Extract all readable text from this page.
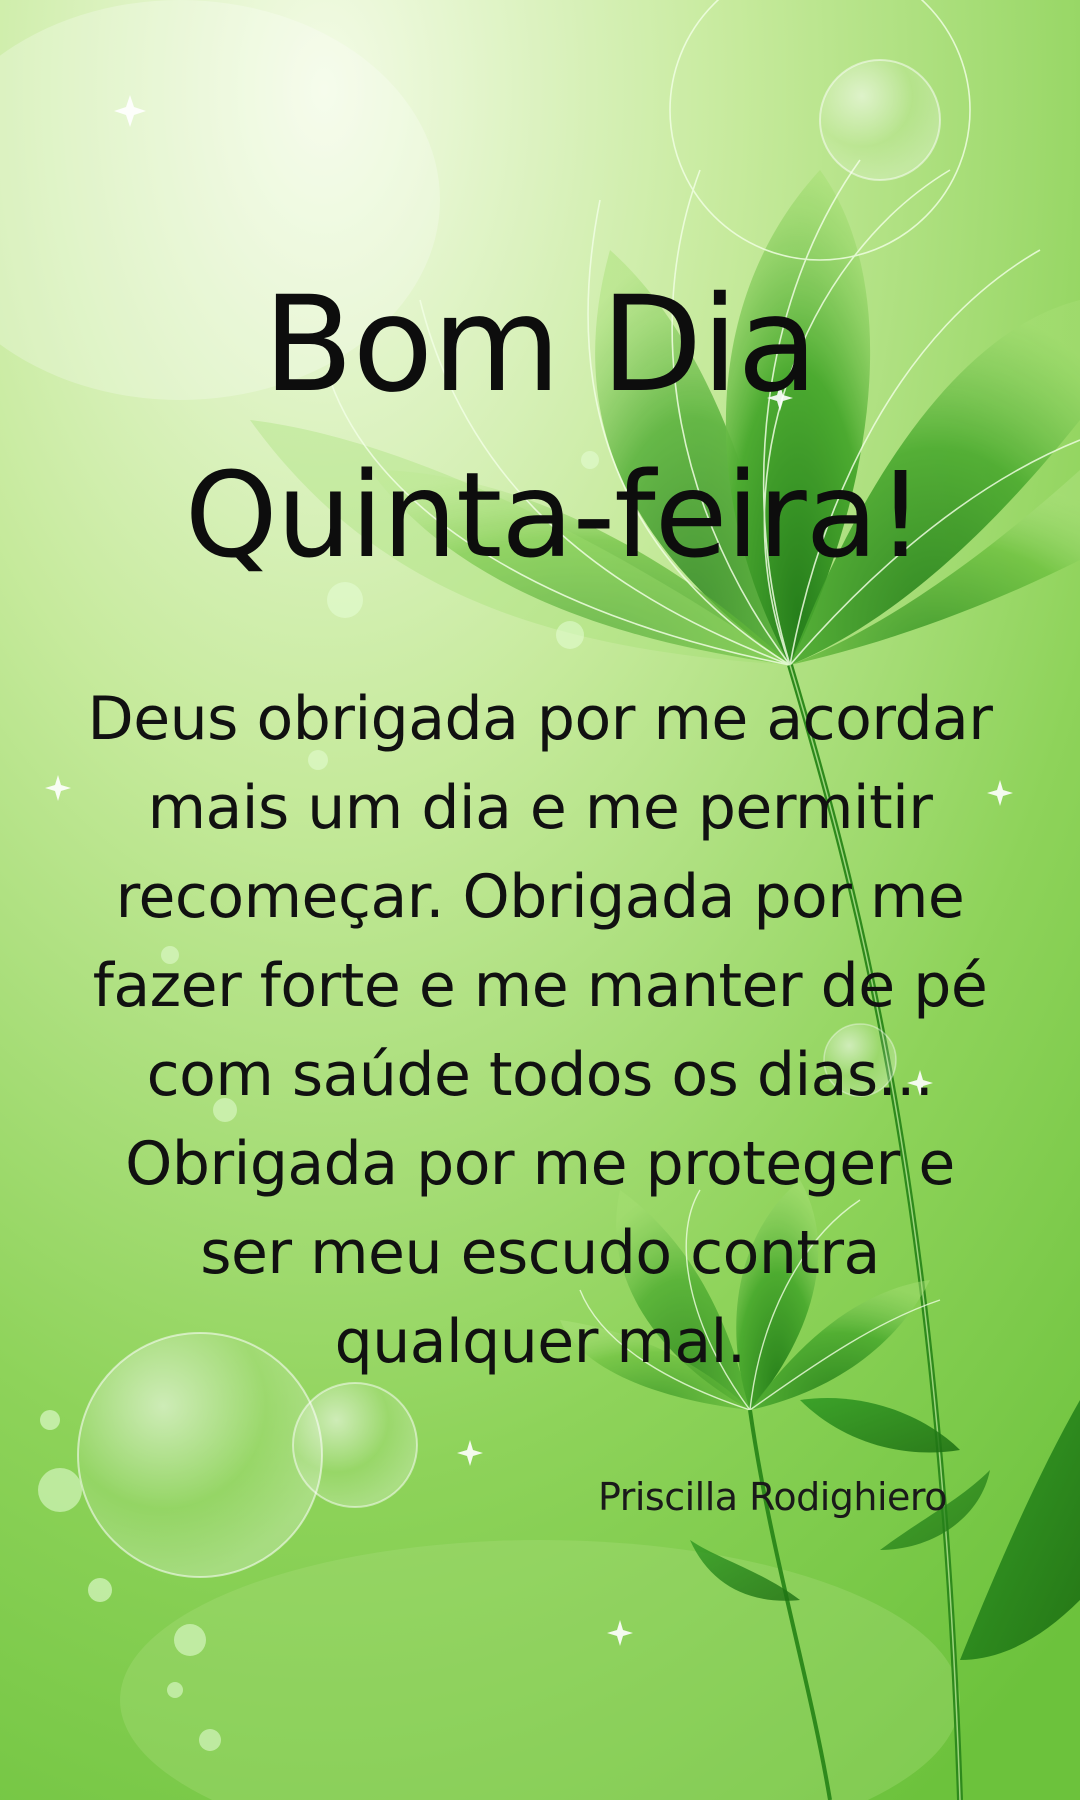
Bom Dia
Quinta-feira!
Deus obrigada por me acordar
mais um dia e me permitir
recomeçar. Obrigada por me
fazer forte e me manter de pé
com saúde todos os dias...
Obrigada por me proteger e
ser meu escudo contra
qualquer mal.
Priscilla Rodighiero
